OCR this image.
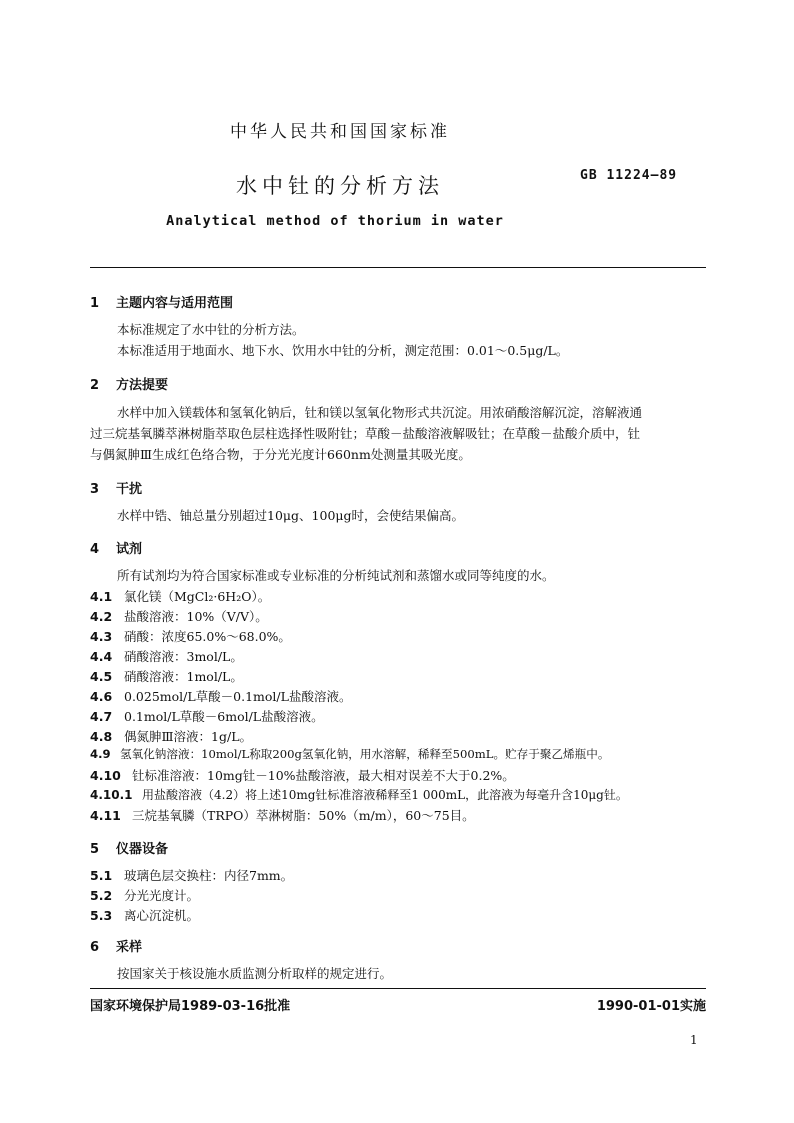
中华人民共和国国家标准
水中钍的分析方法	GB 11224—89
Analytical method of thorium in water
1 主题内容与适用范围
本标准规定了水中钍的分析方法。
本标准适用于地面水、地下水、饮用水中钍的分析，测定范围：0.01～0.5μg/L。
2 方法提要
水样中加入镁载体和氢氧化钠后，钍和镁以氢氧化物形式共沉淀。用浓硝酸溶解沉淀，溶解液通
过三烷基氧膦萃淋树脂萃取色层柱选择性吸附钍；草酸－盐酸溶液解吸钍；在草酸－盐酸介质中，钍
与偶氮胂Ⅲ生成红色络合物，于分光光度计660nm处测量其吸光度。
3 干扰
水样中锆、铀总量分别超过10μg、100μg时，会使结果偏高。
4 试剂
所有试剂均为符合国家标准或专业标准的分析纯试剂和蒸馏水或同等纯度的水。
4.1 氯化镁（MgCl₂·6H₂O）。
4.2 盐酸溶液：10%（V/V）。
4.3 硝酸：浓度65.0%～68.0%。
4.4 硝酸溶液：3mol/L。
4.5 硝酸溶液：1mol/L。
4.6 0.025mol/L草酸－0.1mol/L盐酸溶液。
4.7 0.1mol/L草酸－6mol/L盐酸溶液。
4.8 偶氮胂Ⅲ溶液：1g/L。
4.9 氢氧化钠溶液：10mol/L称取200g氢氧化钠，用水溶解，稀释至500mL。贮存于聚乙烯瓶中。
4.10 钍标准溶液：10mg钍－10%盐酸溶液，最大相对误差不大于0.2%。
4.10.1 用盐酸溶液（4.2）将上述10mg钍标准溶液稀释至1 000mL，此溶液为每毫升含10μg钍。
4.11 三烷基氧膦（TRPO）萃淋树脂：50%（m/m），60～75目。
5 仪器设备
5.1 玻璃色层交换柱：内径7mm。
5.2 分光光度计。
5.3 离心沉淀机。
6 采样
按国家关于核设施水质监测分析取样的规定进行。
国家环境保护局1989-03-16批准	1990-01-01实施
1
